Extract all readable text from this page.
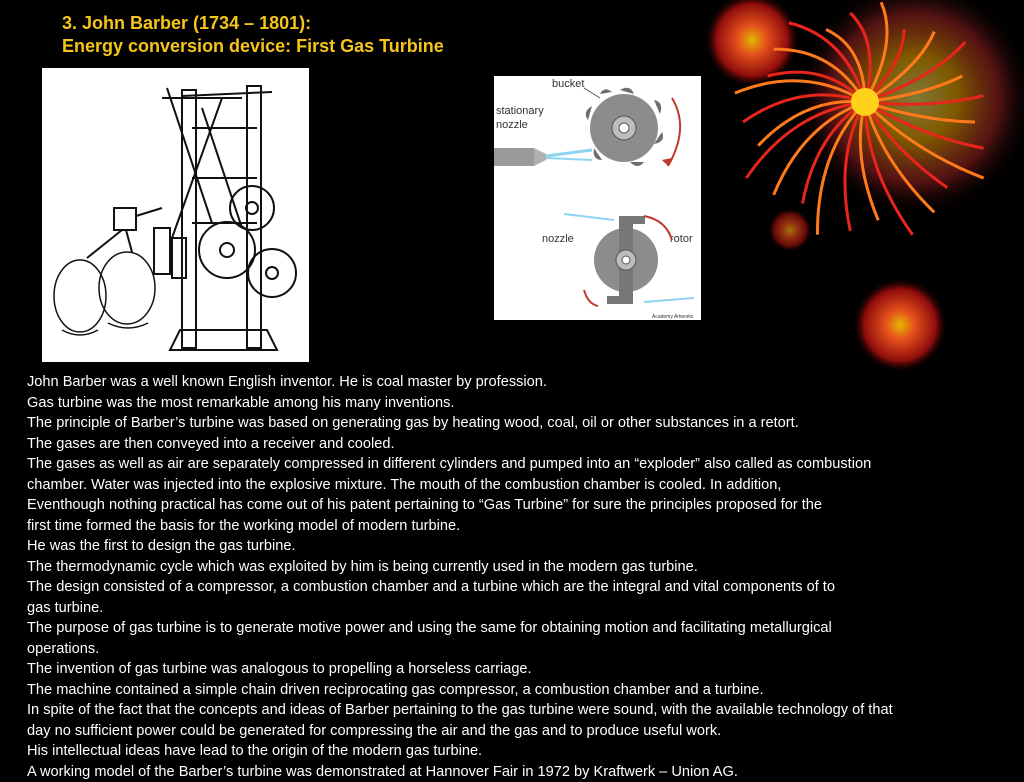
3. John Barber (1734 – 1801):
Energy conversion device: First Gas Turbine
bucket
stationary
nozzle
nozzle	rotor
Academy Artworks
John Barber was a well known English inventor. He is coal master by profession.
Gas turbine was the most remarkable among his many inventions.
The principle of Barber’s turbine was based on generating gas by heating wood, coal, oil or other substances in a retort.
The gases are then conveyed into a receiver and cooled.
The gases as well as air are separately compressed in different cylinders and pumped into an “exploder” also called as combustion
chamber. Water was injected into the explosive mixture. The mouth of the combustion chamber is cooled. In addition,
Eventhough nothing practical has come out of his patent pertaining to “Gas Turbine” for sure the principles proposed for the
first time formed the basis for the working model of modern turbine.
He was the first to design the gas turbine.
The thermodynamic cycle which was exploited by him is being currently used in the modern gas turbine.
The design consisted of a compressor, a combustion chamber and a turbine which are the integral and vital components of to
gas turbine.
The purpose of gas turbine is to generate motive power and using the same for obtaining motion and facilitating metallurgical
operations.
The invention of gas turbine was analogous to propelling a horseless carriage.
The machine contained a simple chain driven reciprocating gas compressor, a combustion chamber and a turbine.
In spite of the fact that the concepts and ideas of Barber pertaining to the gas turbine were sound, with the available technology of that
day no sufficient power could be generated for compressing the air and the gas and to produce useful work.
His intellectual ideas have lead to the origin of the modern gas turbine.
A working model of the Barber’s turbine was demonstrated at Hannover Fair in 1972 by Kraftwerk – Union AG.
